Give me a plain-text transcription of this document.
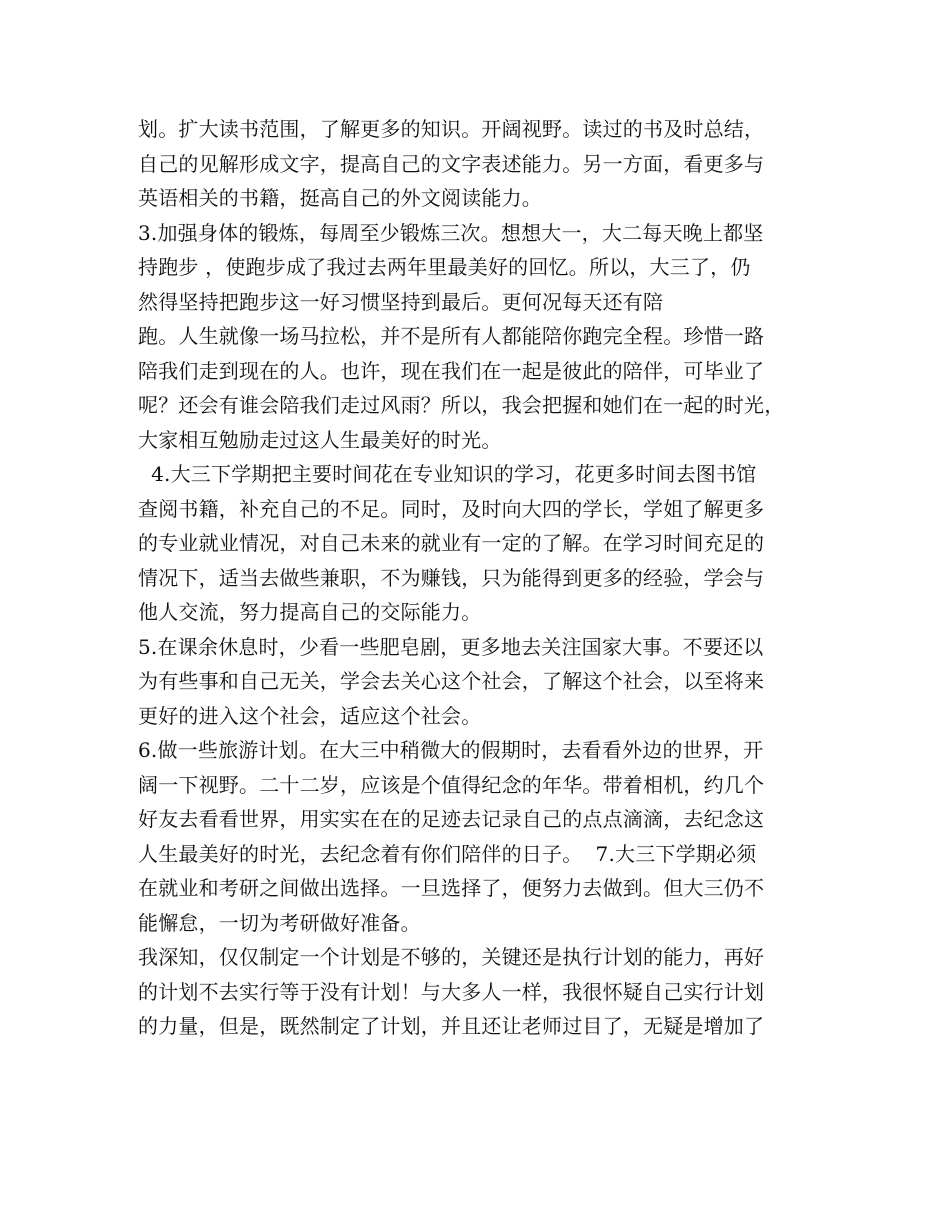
划。扩大读书范围，了解更多的知识。开阔视野。读过的书及时总结，
自己的见解形成文字，提高自己的文字表述能力。另一方面，看更多与
英语相关的书籍，挺高自己的外文阅读能力。
3.加强身体的锻炼，每周至少锻炼三次。想想大一，大二每天晚上都坚
持跑步 ，使跑步成了我过去两年里最美好的回忆。所以，大三了，仍
然得坚持把跑步这一好习惯坚持到最后。更何况每天还有陪
跑。人生就像一场马拉松，并不是所有人都能陪你跑完全程。珍惜一路
陪我们走到现在的人。也许，现在我们在一起是彼此的陪伴，可毕业了
呢？还会有谁会陪我们走过风雨？所以，我会把握和她们在一起的时光，
大家相互勉励走过这人生最美好的时光。
4.大三下学期把主要时间花在专业知识的学习，花更多时间去图书馆
查阅书籍，补充自己的不足。同时，及时向大四的学长，学姐了解更多
的专业就业情况，对自己未来的就业有一定的了解。在学习时间充足的
情况下，适当去做些兼职，不为赚钱，只为能得到更多的经验，学会与
他人交流，努力提高自己的交际能力。
5.在课余休息时，少看一些肥皂剧，更多地去关注国家大事。不要还以
为有些事和自己无关，学会去关心这个社会，了解这个社会，以至将来
更好的进入这个社会，适应这个社会。
6.做一些旅游计划。在大三中稍微大的假期时，去看看外边的世界，开
阔一下视野。二十二岁，应该是个值得纪念的年华。带着相机，约几个
好友去看看世界，用实实在在的足迹去记录自己的点点滴滴，去纪念这
人生最美好的时光，去纪念着有你们陪伴的日子。  7.大三下学期必须
在就业和考研之间做出选择。一旦选择了，便努力去做到。但大三仍不
能懈怠，一切为考研做好准备。
我深知，仅仅制定一个计划是不够的，关键还是执行计划的能力，再好
的计划不去实行等于没有计划！与大多人一样，我很怀疑自己实行计划
的力量，但是，既然制定了计划，并且还让老师过目了，无疑是增加了
